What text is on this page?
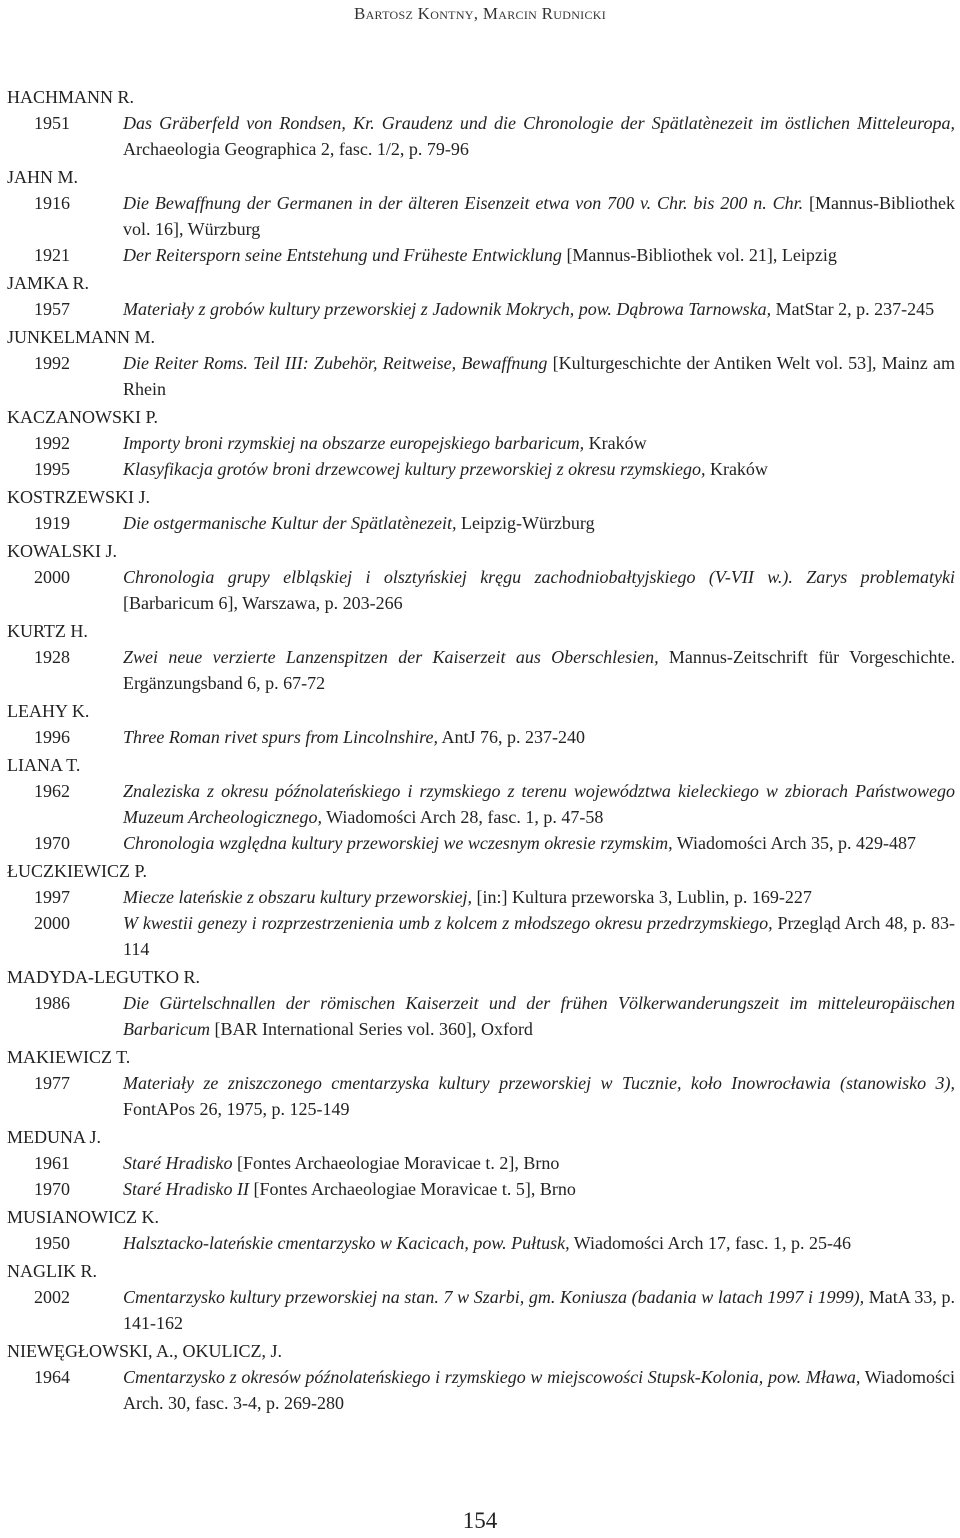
Bartosz Kontny, Marcin Rudnicki
HACHMANN R.
1951	Das Gräberfeld von Rondsen, Kr. Graudenz und die Chronologie der Spätlatènezeit im östlichen Mitteleuropa, Archaeologia Geographica 2, fasc. 1/2, p. 79-96
JAHN M.
1916	Die Bewaffnung der Germanen in der älteren Eisenzeit etwa von 700 v. Chr. bis 200 n. Chr. [Mannus-Bibliothek vol. 16], Würzburg
1921	Der Reitersporn seine Entstehung und Früheste Entwicklung [Mannus-Bibliothek vol. 21], Leipzig
JAMKA R.
1957	Materiały z grobów kultury przeworskiej z Jadownik Mokrych, pow. Dąbrowa Tarnowska, MatStar 2, p. 237-245
JUNKELMANN M.
1992	Die Reiter Roms. Teil III: Zubehör, Reitweise, Bewaffnung [Kulturgeschichte der Antiken Welt vol. 53], Mainz am Rhein
KACZANOWSKI P.
1992	Importy broni rzymskiej na obszarze europejskiego barbaricum, Kraków
1995	Klasyfikacja grotów broni drzewcowej kultury przeworskiej z okresu rzymskiego, Kraków
KOSTRZEWSKI J.
1919	Die ostgermanische Kultur der Spätlatènezeit, Leipzig-Würzburg
KOWALSKI J.
2000	Chronologia grupy elbląskiej i olsztyńskiej kręgu zachodniobałtyjskiego (V-VII w.). Zarys problematyki [Barbaricum 6], Warszawa, p. 203-266
KURTZ H.
1928	Zwei neue verzierte Lanzenspitzen der Kaiserzeit aus Oberschlesien, Mannus-Zeitschrift für Vorgeschichte. Ergänzungsband 6, p. 67-72
LEAHY K.
1996	Three Roman rivet spurs from Lincolnshire, AntJ 76, p. 237-240
LIANA T.
1962	Znaleziska z okresu późnolateńskiego i rzymskiego z terenu województwa kieleckiego w zbiorach Państwowego Muzeum Archeologicznego, Wiadomości Arch 28, fasc. 1, p. 47-58
1970	Chronologia względna kultury przeworskiej we wczesnym okresie rzymskim, Wiadomości Arch 35, p. 429-487
ŁUCZKIEWICZ P.
1997	Miecze lateńskie z obszaru kultury przeworskiej, [in:] Kultura przeworska 3, Lublin, p. 169-227
2000	W kwestii genezy i rozprzestrzenienia umb z kolcem z młodszego okresu przedrzymskiego, Przegląd Arch 48, p. 83-114
MADYDA-LEGUTKO R.
1986	Die Gürtelschnallen der römischen Kaiserzeit und der frühen Völkerwanderungszeit im mitteleuropäischen Barbaricum [BAR International Series vol. 360], Oxford
MAKIEWICZ T.
1977	Materiały ze zniszczonego cmentarzyska kultury przeworskiej w Tucznie, koło Inowrocławia (stanowisko 3), FontAPos 26, 1975, p. 125-149
MEDUNA J.
1961	Staré Hradisko [Fontes Archaeologiae Moravicae t. 2], Brno
1970	Staré Hradisko II [Fontes Archaeologiae Moravicae t. 5], Brno
MUSIANOWICZ K.
1950	Halsztacko-lateńskie cmentarzysko w Kacicach, pow. Pułtusk, Wiadomości Arch 17, fasc. 1, p. 25-46
NAGLIK R.
2002	Cmentarzysko kultury przeworskiej na stan. 7 w Szarbi, gm. Koniusza (badania w latach 1997 i 1999), MatA 33, p. 141-162
NIEWĘGŁOWSKI, A., OKULICZ, J.
1964	Cmentarzysko z okresów późnolateńskiego i rzymskiego w miejscowości Stupsk-Kolonia, pow. Mława, Wiadomości Arch. 30, fasc. 3-4, p. 269-280
154
